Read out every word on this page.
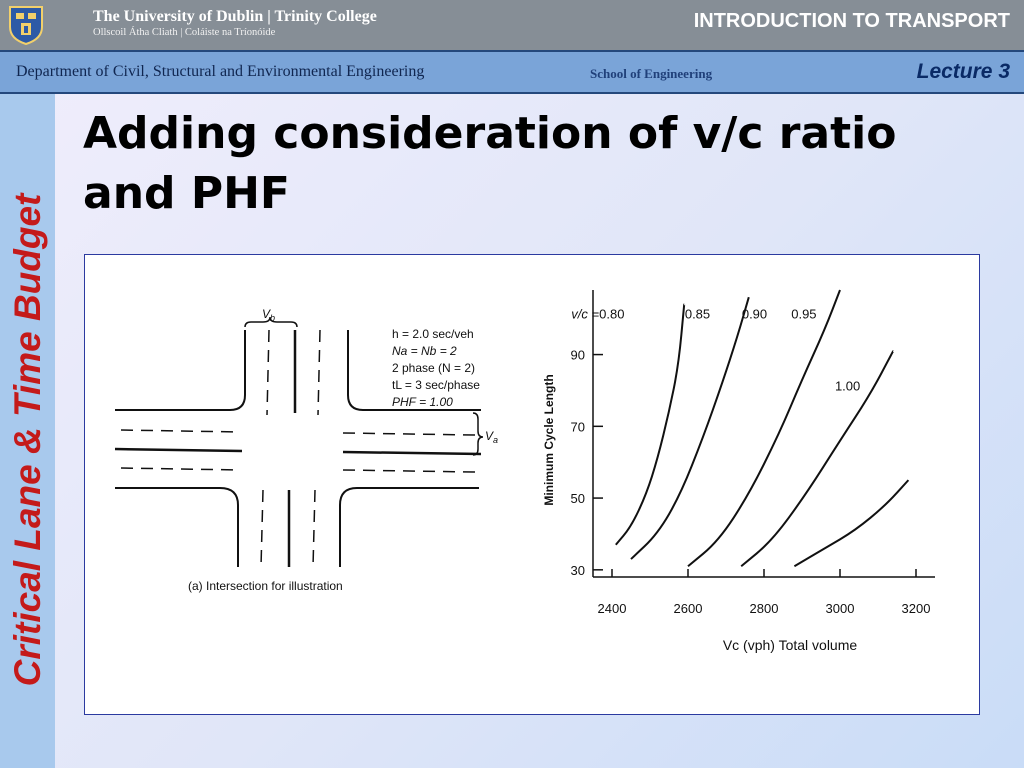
The University of Dublin | Trinity College
Ollscoil Átha Cliath | Coláiste na Tríonóide
INTRODUCTION TO TRANSPORT
Department of Civil, Structural and Environmental Engineering	School of Engineering	Lecture 3
Critical Lane & Time Budget
Adding consideration of v/c ratio and PHF
$V_b$
$V_a$
h = 2.0 sec/veh
Na = Nb = 2
2 phase (N = 2)
tL = 3 sec/phase
PHF = 1.00
(a) Intersection for illustration
30
50
70
90
2400	2600	2800	3000	3200
v/c =0.80	0.85 0.90 0.95
1.00
Minimum Cycle Length
Vc (vph) Total volume
